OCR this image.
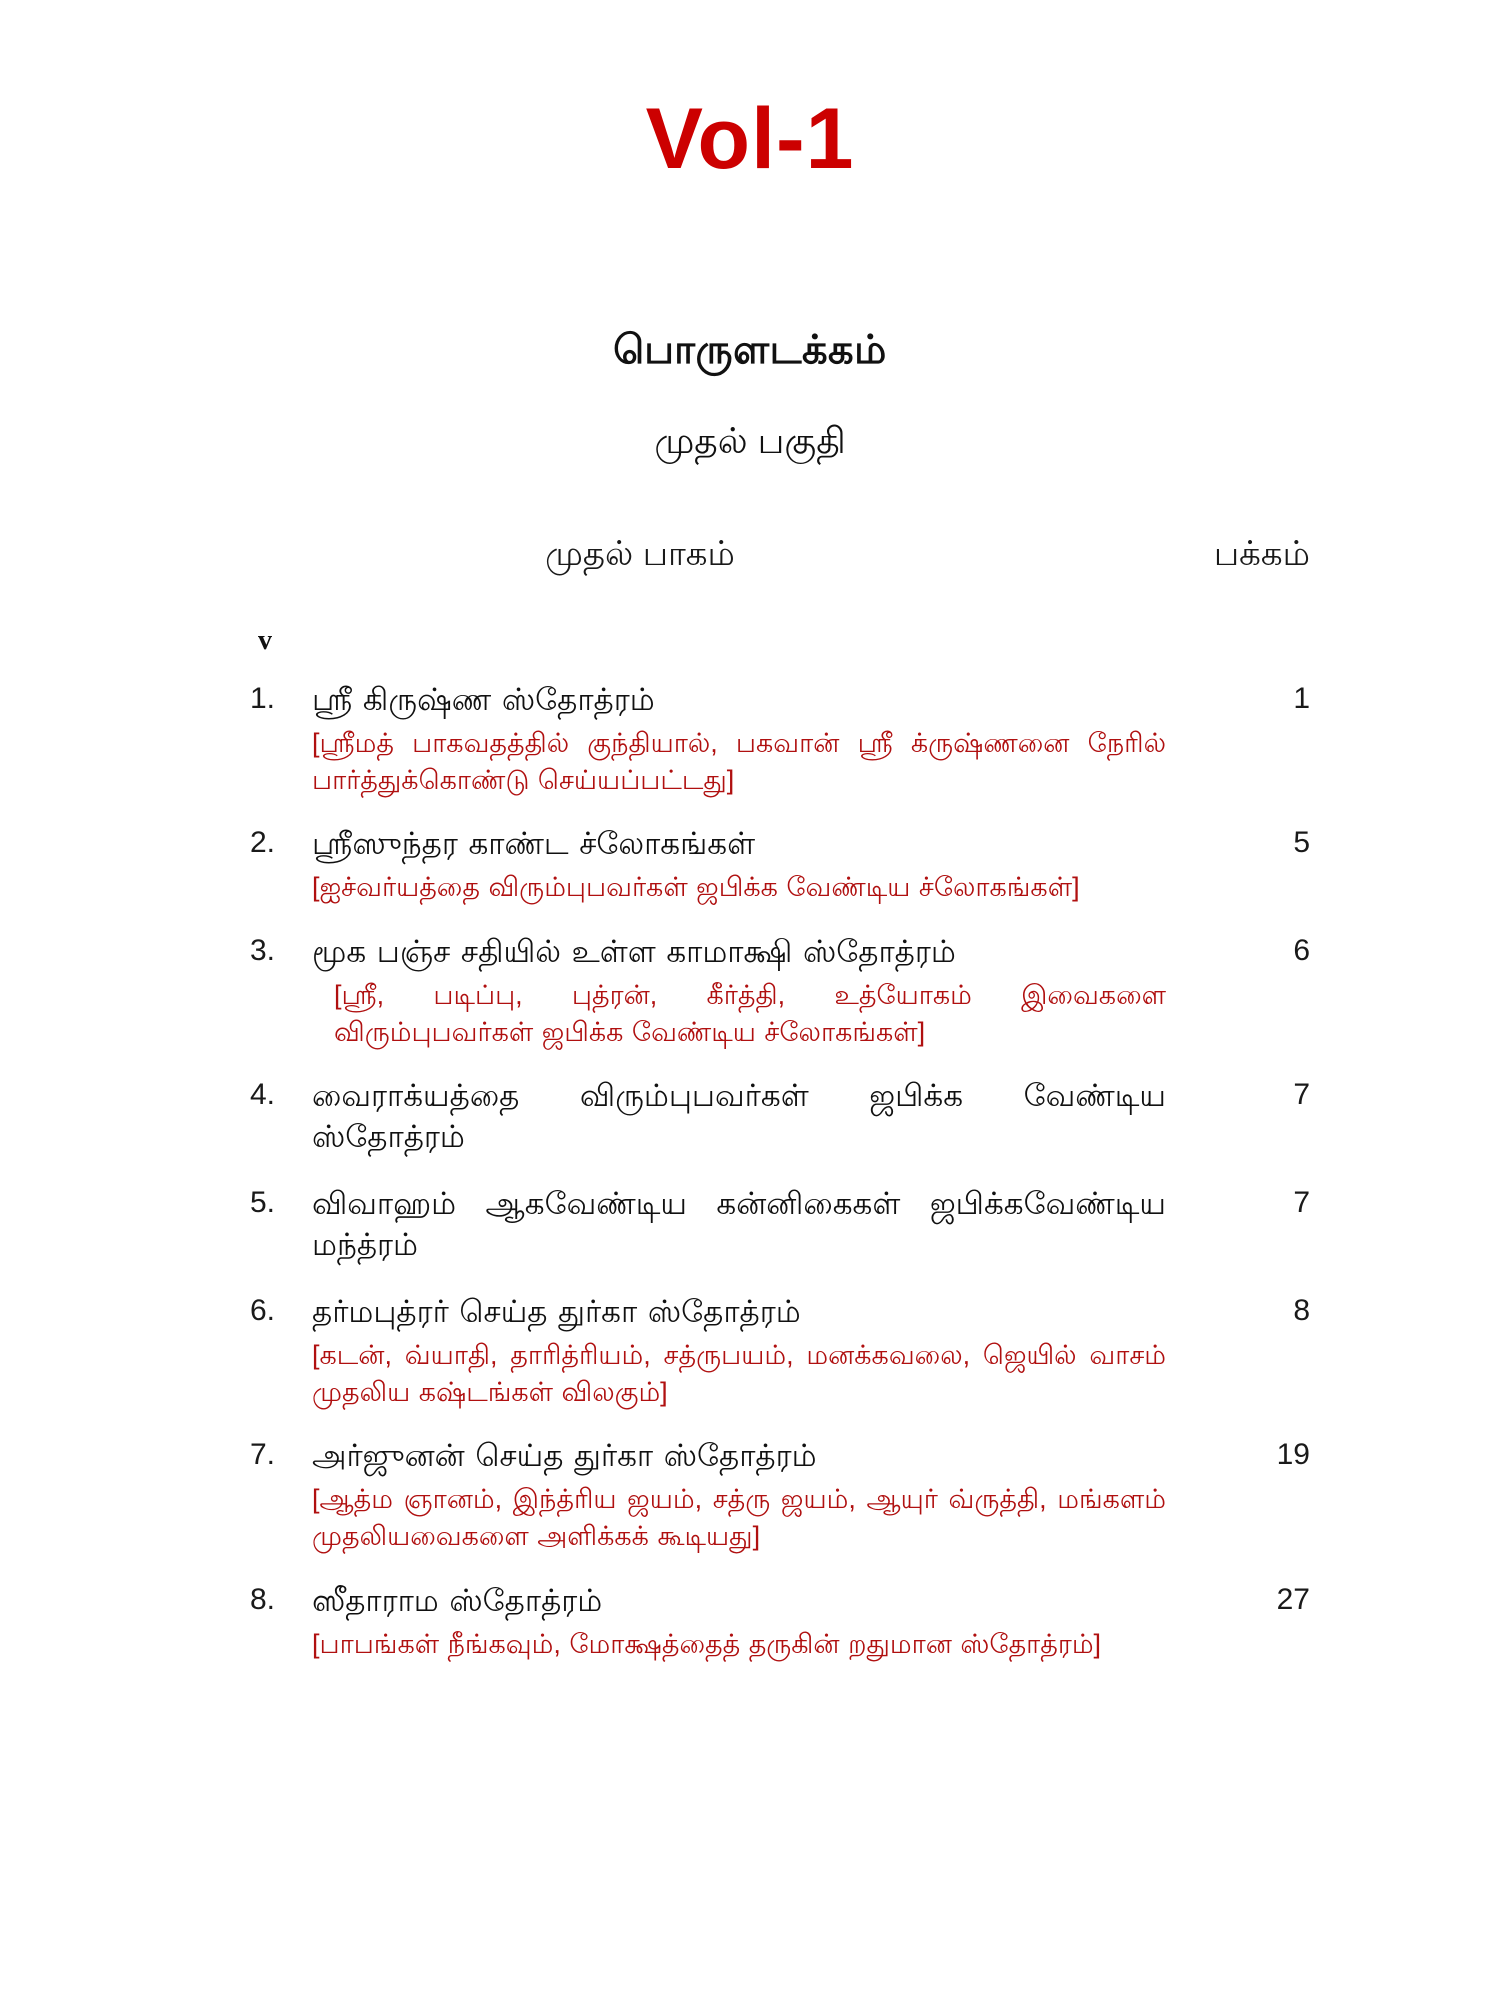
Vol-1
பொருளடக்கம்
முதல் பகுதி
முதல் பாகம்	பக்கம்
v
1.	ஸ்ரீ கிருஷ்ண ஸ்தோத்ரம்
[ஸ்ரீமத் பாகவதத்தில் குந்தியால், பகவான் ஸ்ரீ க்ருஷ்ணனை நேரில் பார்த்துக்கொண்டு செய்யப்பட்டது]
1
2.	ஸ்ரீஸுந்தர காண்ட ச்லோகங்கள்
[ஐச்வர்யத்தை விரும்புபவர்கள் ஜபிக்க வேண்டிய ச்லோகங்கள்]
5
3.	மூக பஞ்ச சதியில் உள்ள காமாக்ஷி ஸ்தோத்ரம்
[ஸ்ரீ, படிப்பு, புத்ரன், கீர்த்தி, உத்யோகம் இவைகளை விரும்புபவர்கள் ஜபிக்க வேண்டிய ச்லோகங்கள்]
6
4.	வைராக்யத்தை விரும்புபவர்கள் ஜபிக்க வேண்டிய ஸ்தோத்ரம்
7
5.	விவாஹம் ஆகவேண்டிய கன்னிகைகள் ஜபிக்கவேண்டிய மந்த்ரம்
7
6.	தர்மபுத்ரர் செய்த துர்கா ஸ்தோத்ரம்
[கடன், வ்யாதி, தாரித்ரியம், சத்ருபயம், மனக்கவலை, ஜெயில் வாசம் முதலிய கஷ்டங்கள் விலகும்]
8
7.	அர்ஜுனன் செய்த துர்கா ஸ்தோத்ரம்
[ஆத்ம ஞானம், இந்த்ரிய ஜயம், சத்ரு ஜயம், ஆயுர் வ்ருத்தி, மங்களம் முதலியவைகளை அளிக்கக் கூடியது]
19
8.	ஸீதாராம ஸ்தோத்ரம்
[பாபங்கள் நீங்கவும், மோக்ஷத்தைத் தருகின் றதுமான ஸ்தோத்ரம்]
27
